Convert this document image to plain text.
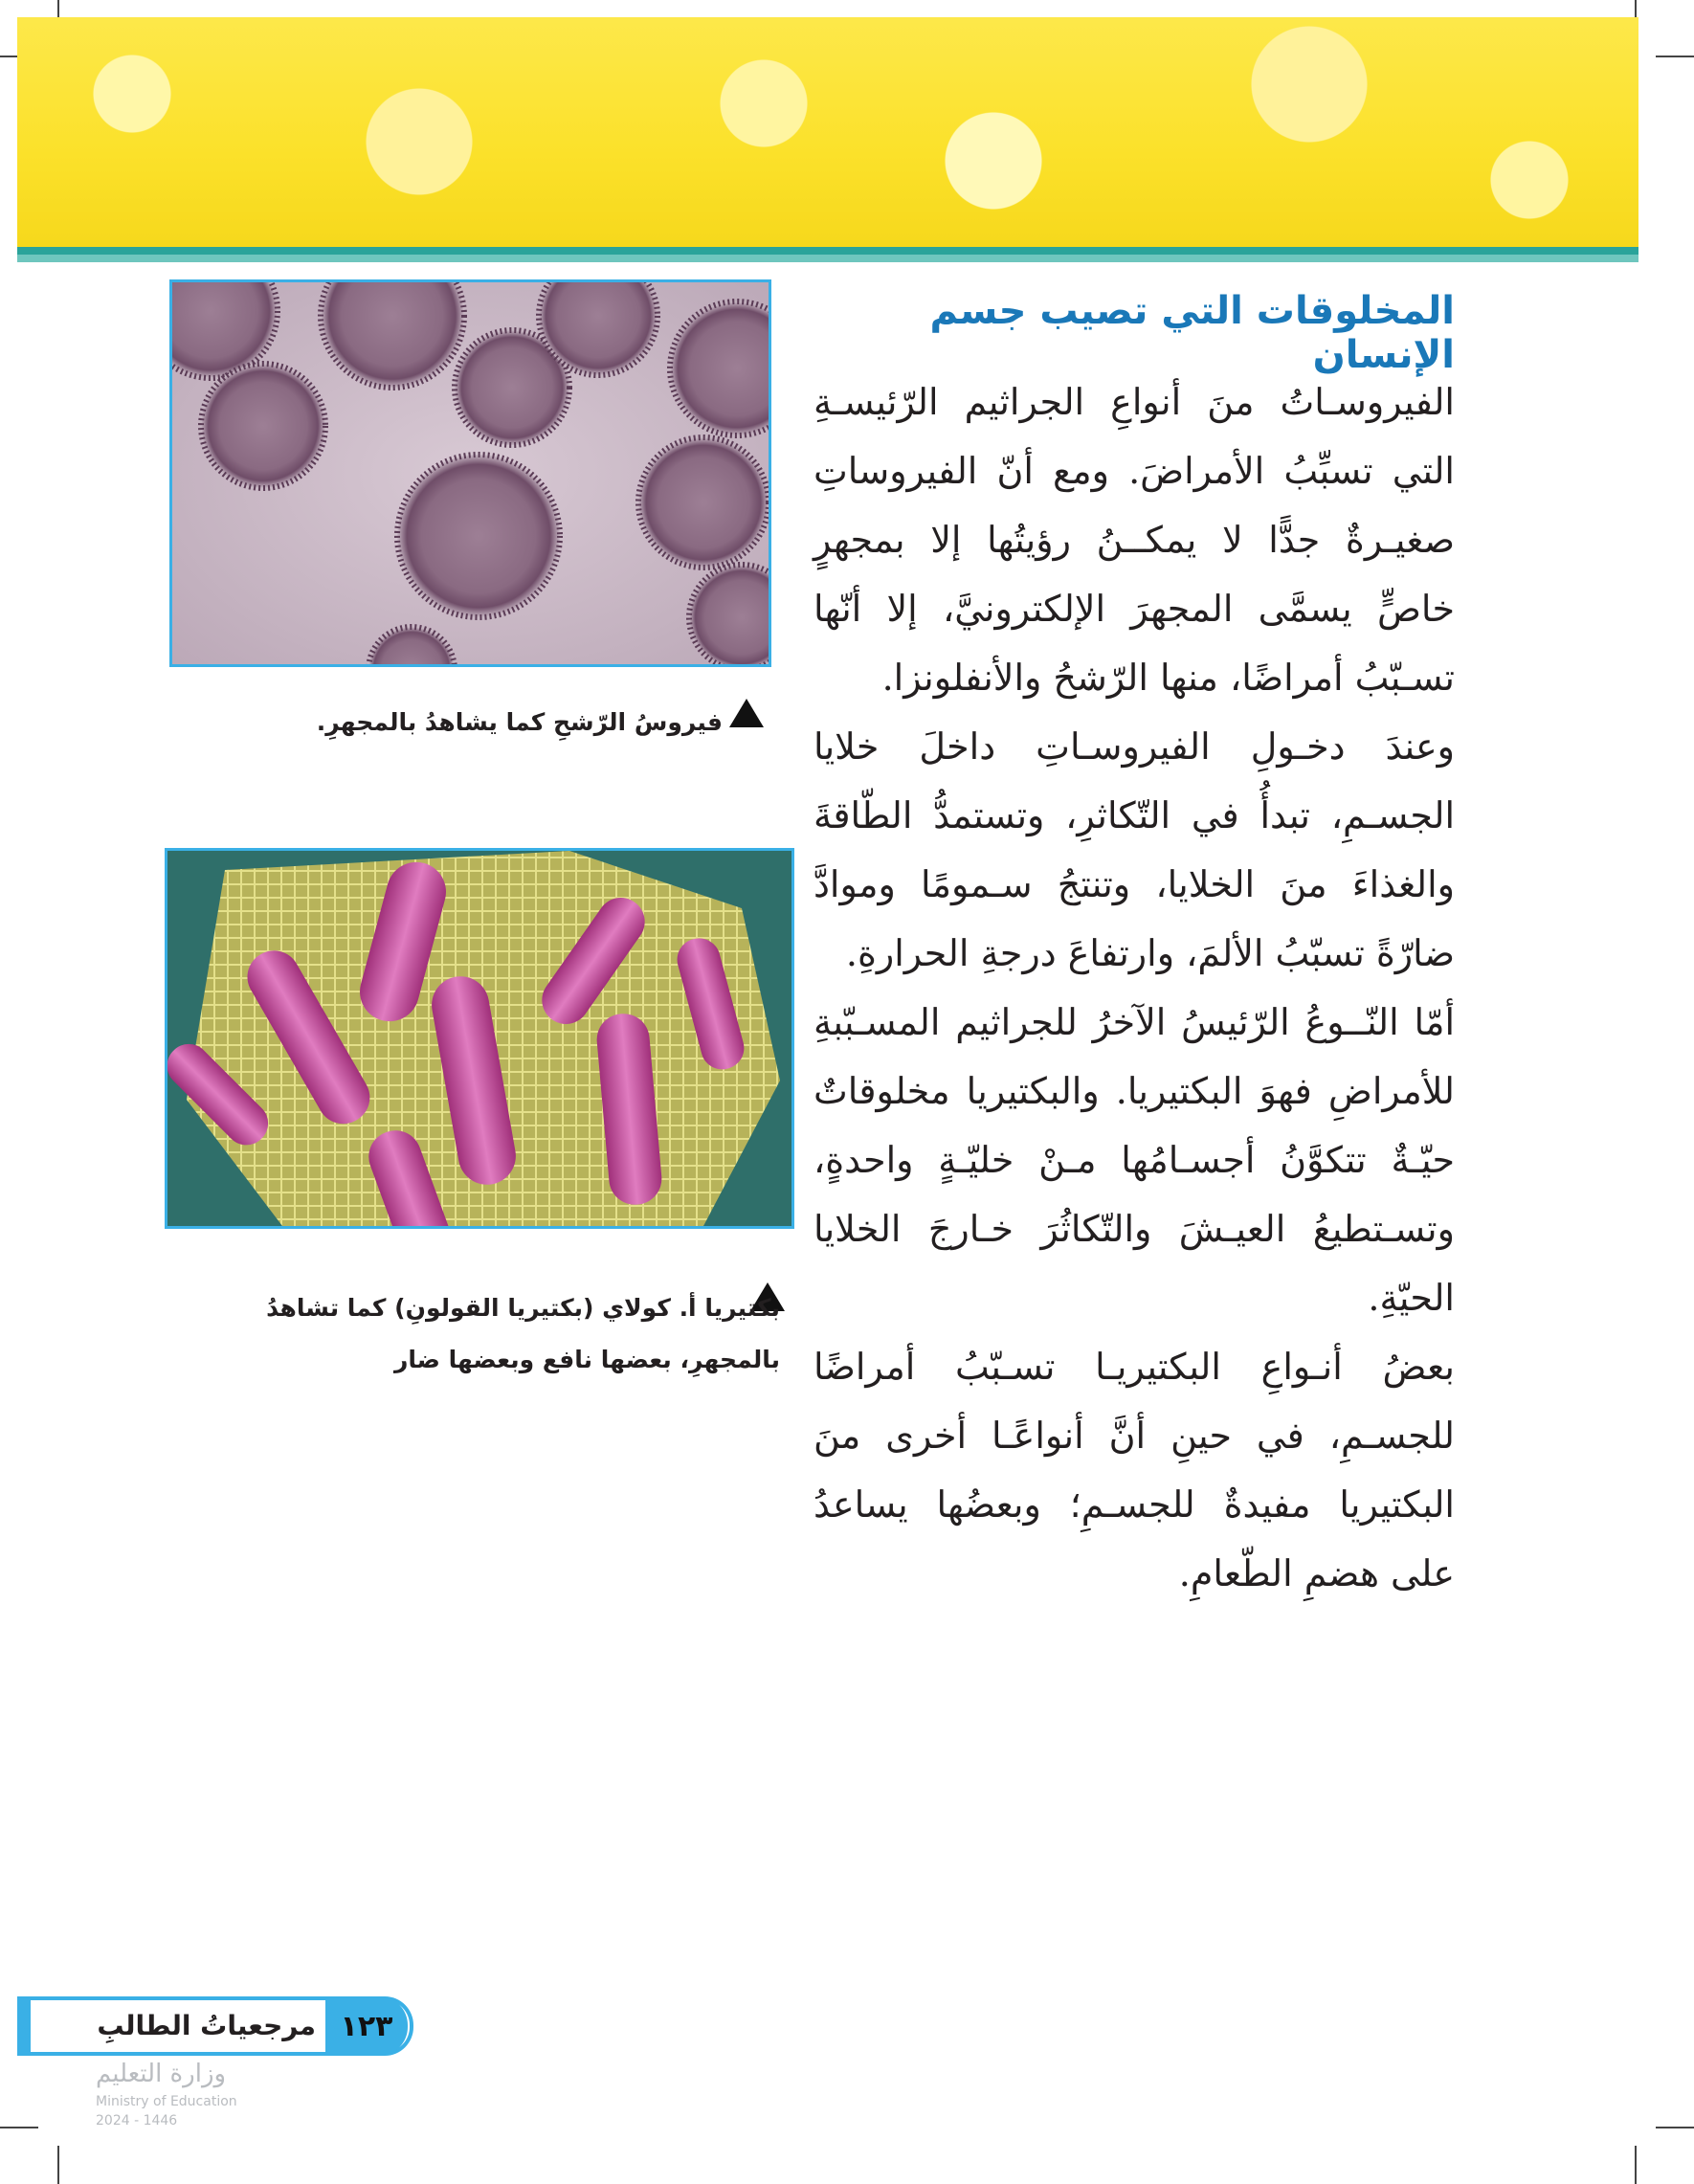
المخلوقات التي تصيب جسم الإنسان

الفيروسـاتُ منَ أنواعِ الجراثيم الرّئيسـةِ التي تسبِّبُ الأمراضَ. ومع أنّ الفيروساتِ صغيـرةٌ جدًّا لا يمكــنُ رؤيتُها إلا بمجهرٍ خاصٍّ يسمَّى المجهرَ الإلكترونيَّ، إلا أنّها تسـبّبُ أمراضًا، منها الرّشحُ والأنفلونزا.

وعندَ دخـولِ الفيروسـاتِ داخلَ خلايا الجسـمِ، تبدأُ في التّكاثرِ، وتستمدُّ الطّاقةَ والغذاءَ منَ الخلايا، وتنتجُ سـمومًا وموادَّ ضارّةً تسبّبُ الألمَ، وارتفاعَ درجةِ الحرارةِ.

أمّا النّــوعُ الرّئيسُ الآخرُ للجراثيم المسـبّبةِ للأمراضِ فهوَ البكتيريا. والبكتيريا مخلوقاتٌ حيّـةٌ تتكوَّنُ أجسـامُها مـنْ خليّـةٍ واحدةٍ، وتسـتطيعُ العيـشَ والتّكاثُرَ خـارجَ الخلايا الحيّةِ.

بعضُ أنـواعِ البكتيريـا تسـبّبُ أمراضًا للجسـمِ، في حينِ أنَّ أنواعًـا أخرى منَ البكتيريا مفيدةٌ للجسـمِ؛ وبعضُها يساعدُ على هضمِ الطّعامِ.

فيروسُ الرّشحِ كما يشاهدُ بالمجهرِ.

بكتيريا أ. كولاي (بكتيريا القولونِ) كما تشاهدُ بالمجهرِ، بعضها نافع وبعضها ضار

مرجعياتُ الطالبِ ١٢٣
وزارة التعليم
Ministry of Education
2024 - 1446
